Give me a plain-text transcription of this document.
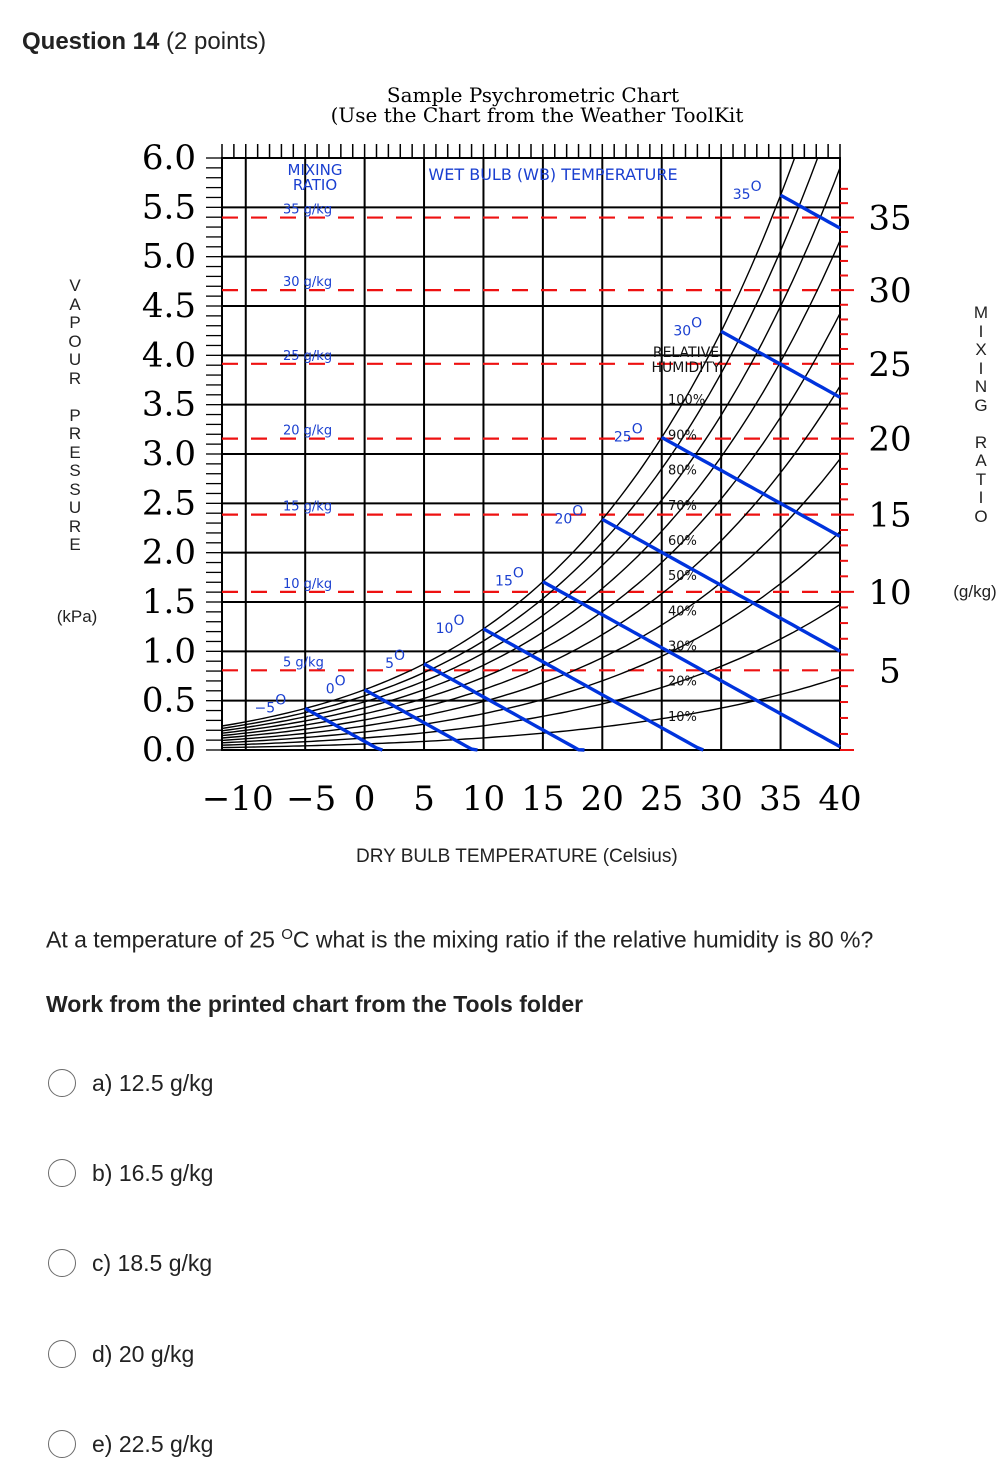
Question 14 (2 points)
Sample Psychrometric Chart
(Use the Chart from the Weather ToolKit
5 g/kg
10 g/kg
15 g/kg
20 g/kg
25 g/kg
30 g/kg
35 g/kg
100%
90%
80%
70%
60%
50%
40%
30%
20%
10%
−5 O
0 O
5 O
10 O
15 O
20 O
25 O
30 O
35 O
0.0
0.5
1.0
1.5
2.0
2.5
3.0
3.5
4.0
4.5
5.0
5.5
6.0
−10 −5 0 5 10 15 20 25 30 35 40
5
10
15
20
25
30
35
MIXING
RATIO
WET BULB (WB) TEMPERATURE
RELATIVE
HUMIDITY
V
A
P
O
U
R

P
R
E
S
S
U
R
E
(kPa)
M
I
X
I
N
G

R
A
T
I
O
(g/kg)
DRY BULB TEMPERATURE (Celsius)
At a temperature of 25 $^O$C what is the mixing ratio if the relative humidity is 80 %?
Work from the printed chart from the Tools folder
a) 12.5 g/kg
b) 16.5 g/kg
c) 18.5 g/kg
d) 20 g/kg
e) 22.5 g/kg
